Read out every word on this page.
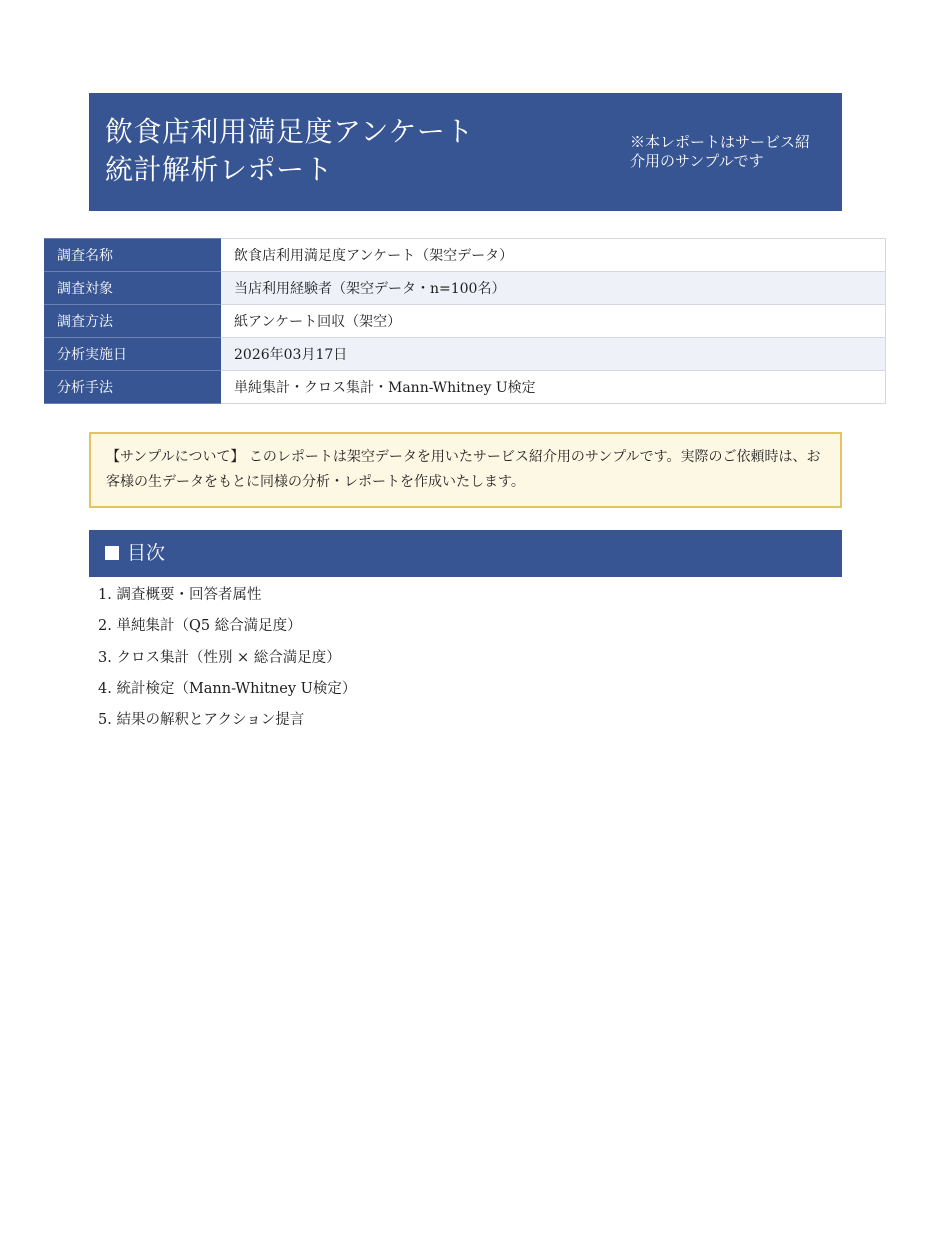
飲食店利用満足度アンケート
統計解析レポート
※本レポートはサービス紹
介用のサンプルです
調査名称	飲食店利用満足度アンケート（架空データ）
調査対象	当店利用経験者（架空データ・n=100名）
調査方法	紙アンケート回収（架空）
分析実施日	2026年03月17日
分析手法	単純集計・クロス集計・Mann-Whitney U検定
【サンプルについて】 このレポートは架空データを用いたサービス紹介用のサンプルです。実際のご依頼時は、お
客様の生データをもとに同様の分析・レポートを作成いたします。
目次
1. 調査概要・回答者属性
2. 単純集計（Q5 総合満足度）
3. クロス集計（性別 × 総合満足度）
4. 統計検定（Mann-Whitney U検定）
5. 結果の解釈とアクション提言
